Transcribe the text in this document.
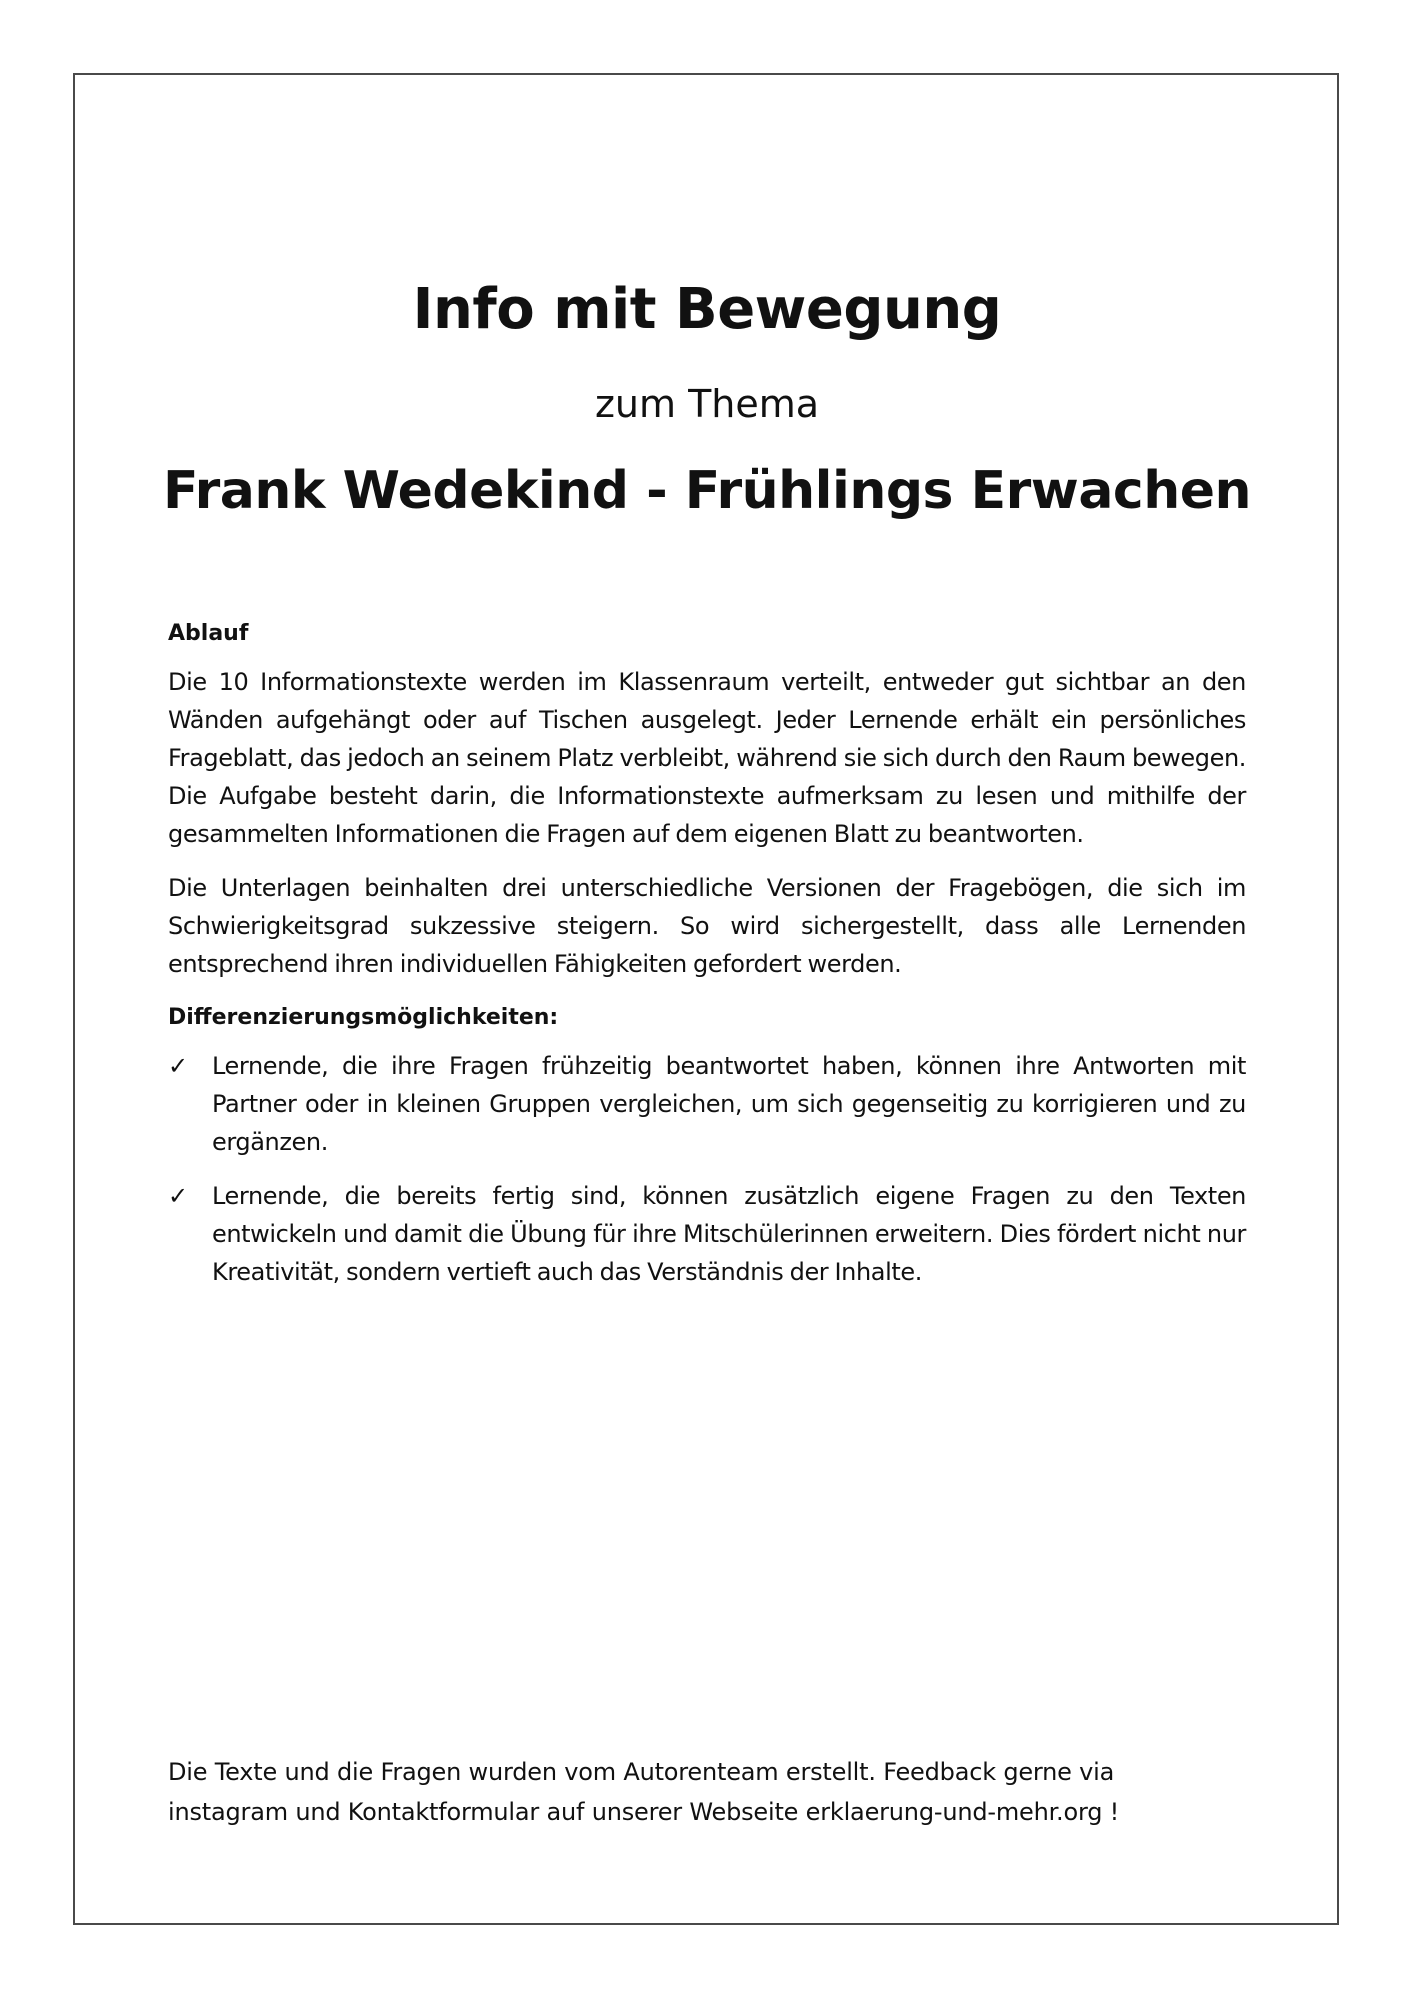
Info mit Bewegung
zum Thema
Frank Wedekind - Frühlings Erwachen
Ablauf

Die 10 Informationstexte werden im Klassenraum verteilt, entweder gut sichtbar an den Wänden aufgehängt oder auf Tischen ausgelegt. Jeder Lernende erhält ein persönliches Frageblatt, das jedoch an seinem Platz verbleibt, während sie sich durch den Raum bewegen. Die Aufgabe besteht darin, die Informationstexte aufmerksam zu lesen und mithilfe der gesammelten Informationen die Fragen auf dem eigenen Blatt zu beantworten.

Die Unterlagen beinhalten drei unterschiedliche Versionen der Fragebögen, die sich im Schwierigkeitsgrad sukzessive steigern. So wird sichergestellt, dass alle Lernenden entsprechend ihren individuellen Fähigkeiten gefordert werden.

Differenzierungsmöglichkeiten:
✓ Lernende, die ihre Fragen frühzeitig beantwortet haben, können ihre Antworten mit Partner oder in kleinen Gruppen vergleichen, um sich gegenseitig zu korrigieren und zu ergänzen.
✓ Lernende, die bereits fertig sind, können zusätzlich eigene Fragen zu den Texten entwickeln und damit die Übung für ihre Mitschülerinnen erweitern. Dies fördert nicht nur Kreativität, sondern vertieft auch das Verständnis der Inhalte.
Die Texte und die Fragen wurden vom Autorenteam erstellt. Feedback gerne via
instagram und Kontaktformular auf unserer Webseite erklaerung-und-mehr.org !
